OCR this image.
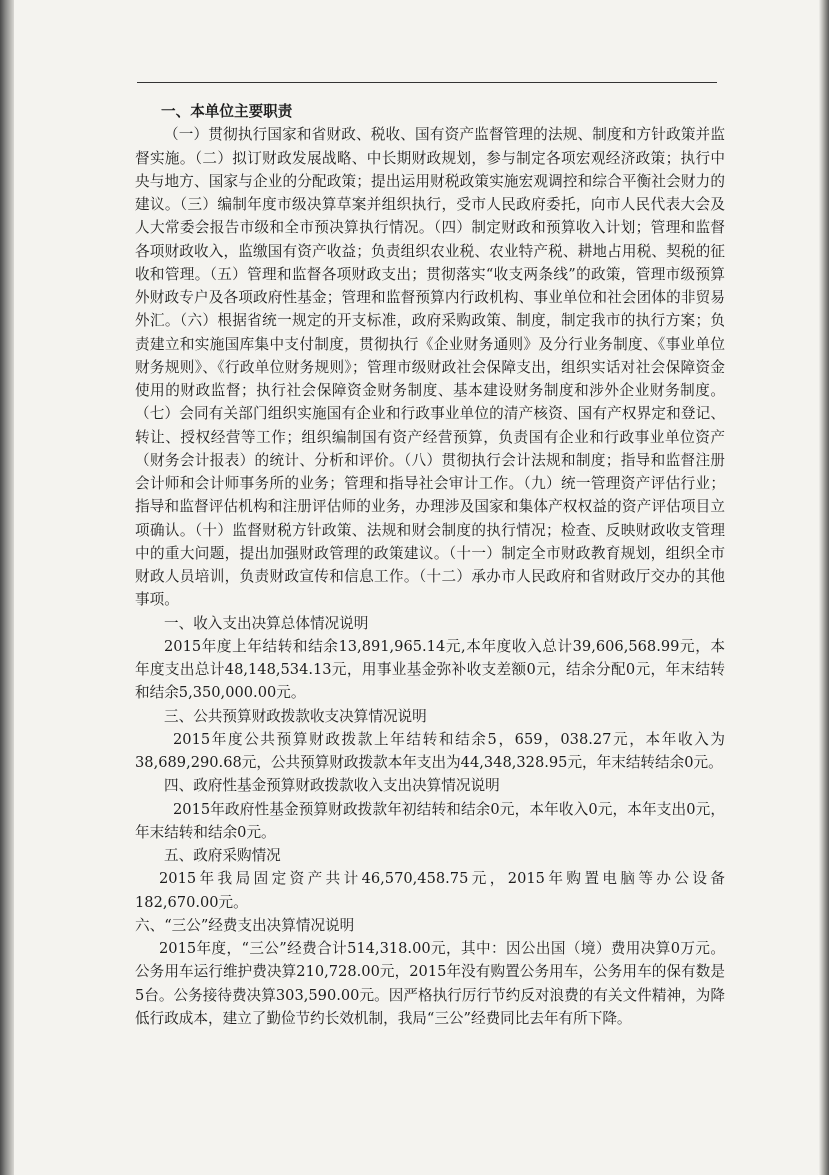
一、本单位主要职责

（一）贯彻执行国家和省财政、税收、国有资产监督管理的法规、制度和方针政策并监督实施。（二）拟订财政发展战略、中长期财政规划，参与制定各项宏观经济政策；执行中央与地方、国家与企业的分配政策；提出运用财税政策实施宏观调控和综合平衡社会财力的建议。（三）编制年度市级决算草案并组织执行，受市人民政府委托，向市人民代表大会及人大常委会报告市级和全市预决算执行情况。（四）制定财政和预算收入计划；管理和监督各项财政收入，监缴国有资产收益；负责组织农业税、农业特产税、耕地占用税、契税的征收和管理。（五）管理和监督各项财政支出；贯彻落实“收支两条线”的政策，管理市级预算外财政专户及各项政府性基金；管理和监督预算内行政机构、事业单位和社会团体的非贸易外汇。（六）根据省统一规定的开支标准，政府采购政策、制度，制定我市的执行方案；负责建立和实施国库集中支付制度，贯彻执行《企业财务通则》及分行业务制度、《事业单位财务规则》、《行政单位财务规则》；管理市级财政社会保障支出，组织实话对社会保障资金使用的财政监督；执行社会保障资金财务制度、基本建设财务制度和涉外企业财务制度。（七）会同有关部门组织实施国有企业和行政事业单位的清产核资、国有产权界定和登记、转让、授权经营等工作；组织编制国有资产经营预算，负责国有企业和行政事业单位资产（财务会计报表）的统计、分析和评价。（八）贯彻执行会计法规和制度；指导和监督注册会计师和会计师事务所的业务；管理和指导社会审计工作。（九）统一管理资产评估行业；指导和监督评估机构和注册评估师的业务，办理涉及国家和集体产权权益的资产评估项目立项确认。（十）监督财税方针政策、法规和财会制度的执行情况；检查、反映财政收支管理中的重大问题，提出加强财政管理的政策建议。（十一）制定全市财政教育规划，组织全市财政人员培训，负责财政宣传和信息工作。（十二）承办市人民政府和省财政厅交办的其他事项。

一、收入支出决算总体情况说明

2015年度上年结转和结余13,891,965.14元,本年度收入总计39,606,568.99元，本年度支出总计48,148,534.13元，用事业基金弥补收支差额0元，结余分配0元，年末结转和结余5,350,000.00元。

三、公共预算财政拨款收支决算情况说明

2015年度公共预算财政拨款上年结转和结余5，659，038.27元，本年收入为38,689,290.68元，公共预算财政拨款本年支出为44,348,328.95元，年末结转结余0元。

四、政府性基金预算财政拨款收入支出决算情况说明

2015年政府性基金预算财政拨款年初结转和结余0元，本年收入0元，本年支出0元，年末结转和结余0元。

五、政府采购情况

2015年我局固定资产共计46,570,458.75元，2015年购置电脑等办公设备182,670.00元。

六、“三公”经费支出决算情况说明

2015年度，“三公”经费合计514,318.00元，其中：因公出国（境）费用决算0万元。公务用车运行维护费决算210,728.00元，2015年没有购置公务用车，公务用车的保有数是5台。公务接待费决算303,590.00元。因严格执行厉行节约反对浪费的有关文件精神，为降低行政成本，建立了勤俭节约长效机制，我局“三公”经费同比去年有所下降。
